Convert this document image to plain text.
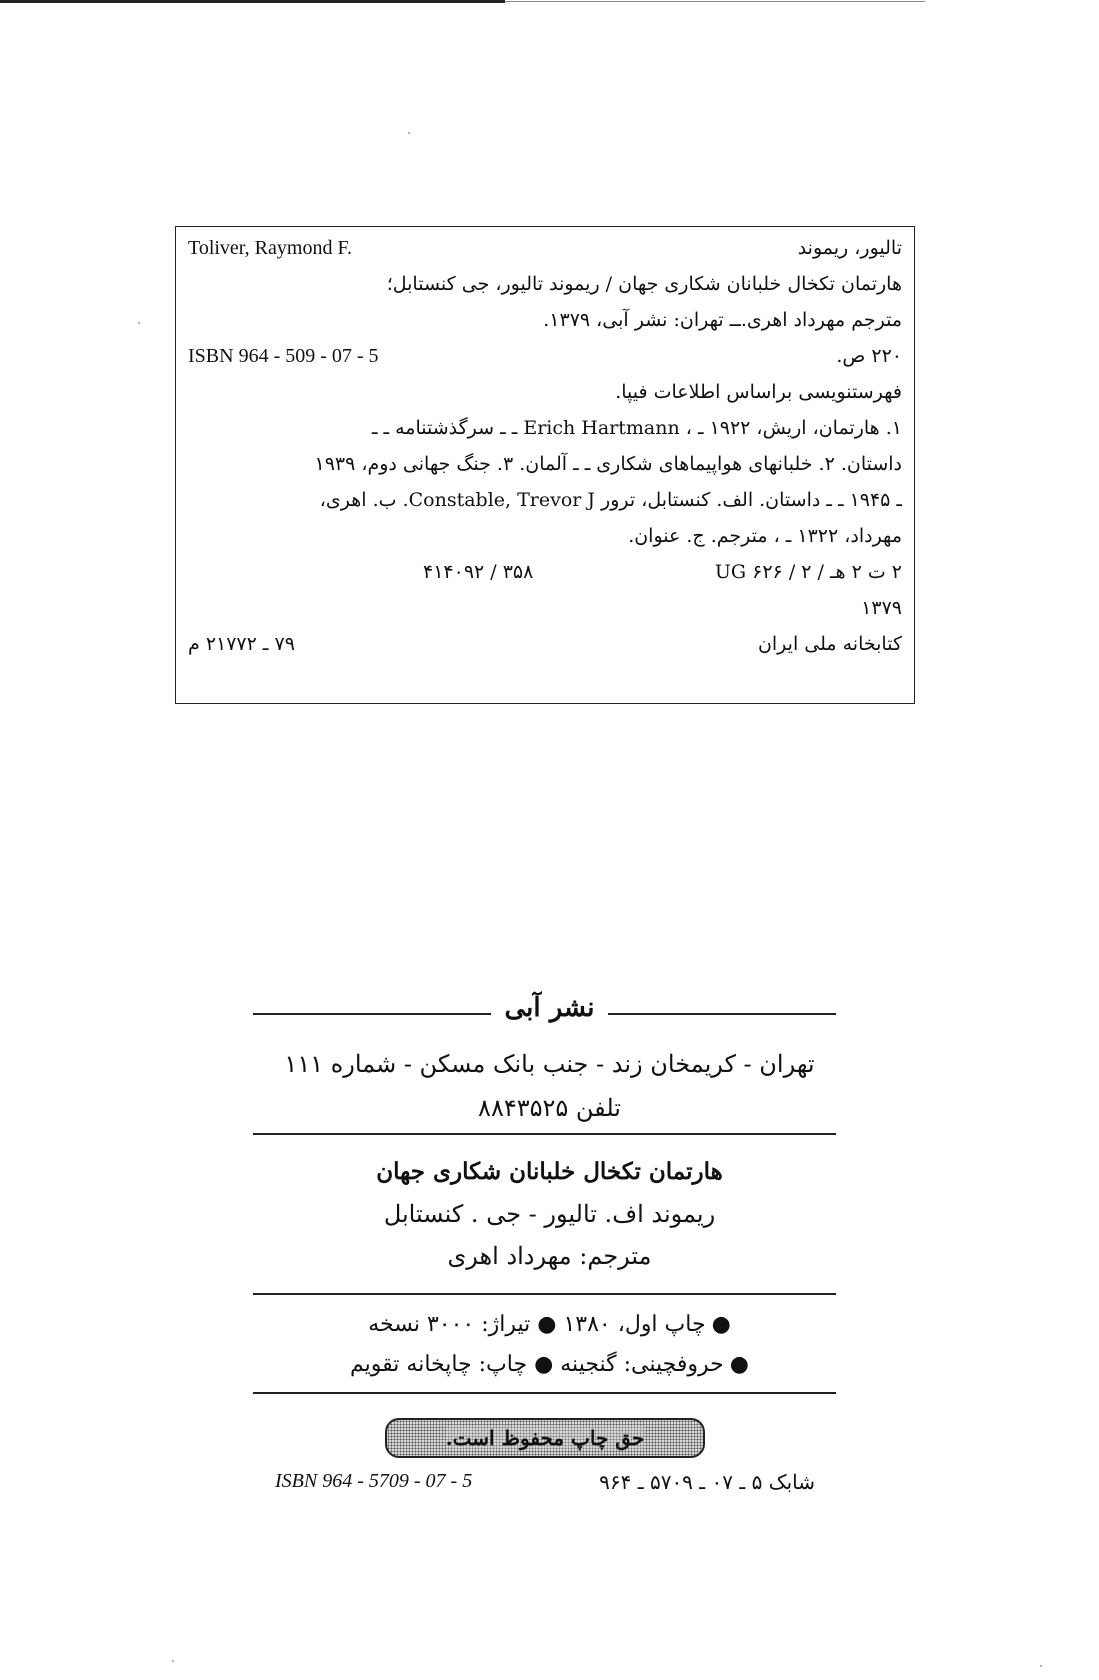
Toliver, Raymond F.	تالیور، ریموند
هارتمان تکخال خلبانان شکاری جهان / ریموند تالیور، جی کنستابل؛
مترجم مهرداد اهری.ــ تهران: نشر آبی، ۱۳۷۹.
ISBN 964 - 509 - 07 - 5	۲۲۰ ص.
فهرستنویسی براساس اطلاعات فیپا.
۱. هارتمان، اریش، ۱۹۲۲ ـ ، Erich Hartmann ـ ـ سرگذشتنامه ـ ـ
داستان. ۲. خلبانهای هواپیماهای شکاری ـ ـ آلمان. ۳. جنگ جهانی دوم، ۱۹۳۹
ـ ۱۹۴۵ ـ ـ داستان. الف. کنستابل، ترور Constable, Trevor J. ب. اهری،
مهرداد، ۱۳۲۲ ـ ، مترجم. ج. عنوان.
۲ ت ۲ هـ / ۲ / UG ۶۲۶
۳۵۸ / ۴۱۴۰۹۲
۱۳۷۹
۷۹ ـ ۲۱۷۷۲ م	کتابخانه ملی ایران
نشر آبی
تهران - کریمخان زند - جنب بانک مسکن - شماره ۱۱۱
تلفن ۸۸۴۳۵۲۵
هارتمان تکخال خلبانان شکاری جهان
ریموند اف. تالیور - جی . کنستابل
مترجم: مهرداد اهری
● چاپ اول، ۱۳۸۰ ● تیراژ: ۳۰۰۰ نسخه
● حروفچینی: گنجینه ● چاپ: چاپخانه تقویم
حق چاپ محفوظ است.
ISBN 964 - 5709 - 07 - 5	شابک ۵ ـ ۰۷ ـ ۵۷۰۹ ـ ۹۶۴
